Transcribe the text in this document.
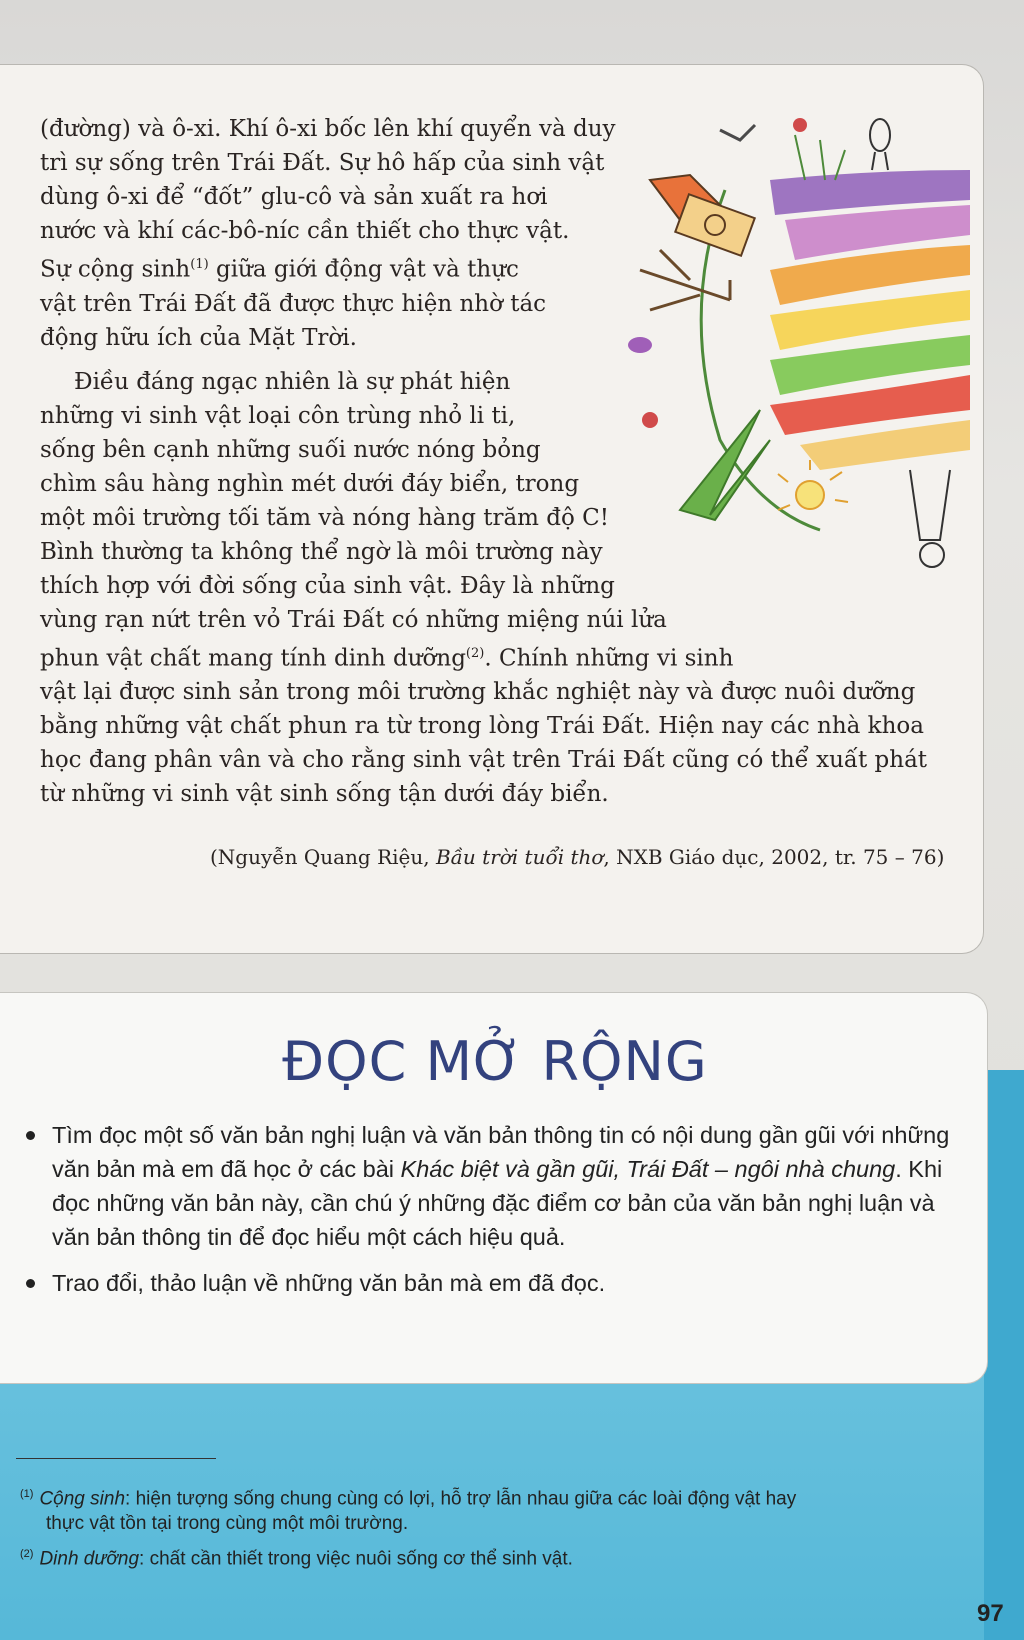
(đường) và ô-xi. Khí ô-xi bốc lên khí quyển và duy
trì sự sống trên Trái Đất. Sự hô hấp của sinh vật
dùng ô-xi để “đốt” glu-cô và sản xuất ra hơi
nước và khí các-bô-níc cần thiết cho thực vật.
Sự cộng $\sinh^{(1)}$ giữa giới động vật và thực
vật trên Trái Đất đã được thực hiện nhờ tác
động hữu ích của Mặt Trời.
Điều đáng ngạc nhiên là sự phát hiện
những vi sinh vật loại côn trùng nhỏ li ti,
sống bên cạnh những suối nước nóng bỏng
chìm sâu hàng nghìn mét dưới đáy biển, trong
một môi trường tối tăm và nóng hàng trăm độ C!
Bình thường ta không thể ngờ là môi trường này
thích hợp với đời sống của sinh vật. Đây là những
vùng rạn nứt trên vỏ Trái Đất có những miệng núi lửa
phun vật chất mang tính dinh dưỡng$^{(2)}$. Chính những vi sinh
vật lại được sinh sản trong môi trường khắc nghiệt này và được nuôi dưỡng
bằng những vật chất phun ra từ trong lòng Trái Đất. Hiện nay các nhà khoa
học đang phân vân và cho rằng sinh vật trên Trái Đất cũng có thể xuất phát
từ những vi sinh vật sinh sống tận dưới đáy biển.
(Nguyễn Quang Riệu, Bầu trời tuổi thơ, NXB Giáo dục, 2002, tr. 75 – 76)
ĐỌC MỞ RỘNG
Tìm đọc một số văn bản nghị luận và văn bản thông tin có nội dung gần gũi với những văn bản mà em đã học ở các bài Khác biệt và gần gũi, Trái Đất – ngôi nhà chung. Khi đọc những văn bản này, cần chú ý những đặc điểm cơ bản của văn bản nghị luận và văn bản thông tin để đọc hiểu một cách hiệu quả.
Trao đổi, thảo luận về những văn bản mà em đã đọc.
$^{(1)}$ Cộng sinh: hiện tượng sống chung cùng có lợi, hỗ trợ lẫn nhau giữa các loài động vật hay
thực vật tồn tại trong cùng một môi trường.
$^{(2)}$ Dinh dưỡng: chất cần thiết trong việc nuôi sống cơ thể sinh vật.
97
